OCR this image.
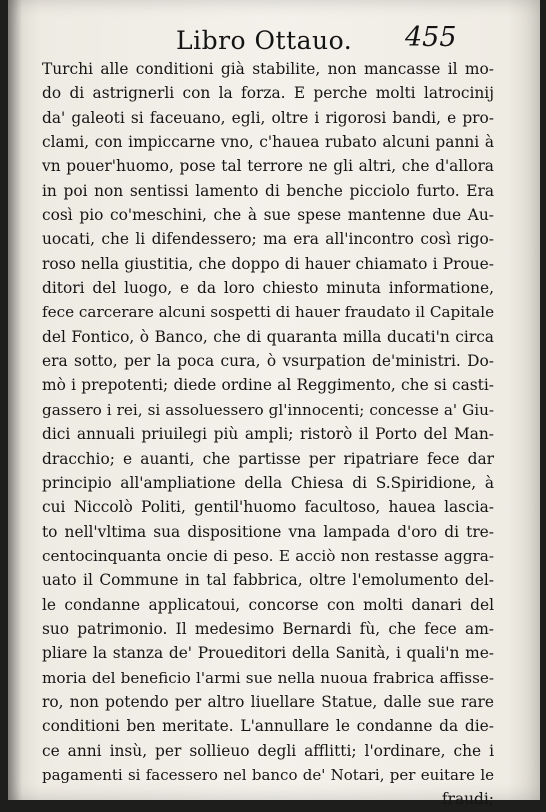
Libro Ottauo. 455
Turchi alle conditioni già stabilite, non mancasse il mo-
do di astrignerli con la forza. E perche molti latrocinij
da' galeoti si faceuano, egli, oltre i rigorosi bandi, e pro-
clami, con impiccarne vno, c'hauea rubato alcuni panni à
vn pouer'huomo, pose tal terrore ne gli altri, che d'allora
in poi non sentissi lamento di benche picciolo furto. Era
così pio co'meschini, che à sue spese mantenne due Au-
uocati, che li difendessero; ma era all'incontro così rigo-
roso nella giustitia, che doppo di hauer chiamato i Proue-
ditori del luogo, e da loro chiesto minuta informatione,
fece carcerare alcuni sospetti di hauer fraudato il Capitale
del Fontico, ò Banco, che di quaranta milla ducati'n circa
era sotto, per la poca cura, ò vsurpation de'ministri. Do-
mò i prepotenti; diede ordine al Reggimento, che si casti-
gassero i rei, si assoluessero gl'innocenti; concesse a' Giu-
dici annuali priuilegi più ampli; ristorò il Porto del Man-
dracchio; e auanti, che partisse per ripatriare fece dar
principio all'ampliatione della Chiesa di S.Spiridione, à
cui Niccolò Politi, gentil'huomo facultoso, hauea lascia-
to nell'vltima sua dispositione vna lampada d'oro di tre-
centocinquanta oncie di peso. E acciò non restasse aggra-
uato il Commune in tal fabbrica, oltre l'emolumento del-
le condanne applicatoui, concorse con molti danari del
suo patrimonio. Il medesimo Bernardi fù, che fece am-
pliare la stanza de' Proueditori della Sanità, i quali'n me-
moria del beneficio l'armi sue nella nuoua frabrica affisse-
ro, non potendo per altro liuellare Statue, dalle sue rare
conditioni ben meritate. L'annullare le condanne da die-
ce anni insù, per sollieuo degli afflitti; l'ordinare, che i
pagamenti si facessero nel banco de' Notari, per euitare le
fraudi;
